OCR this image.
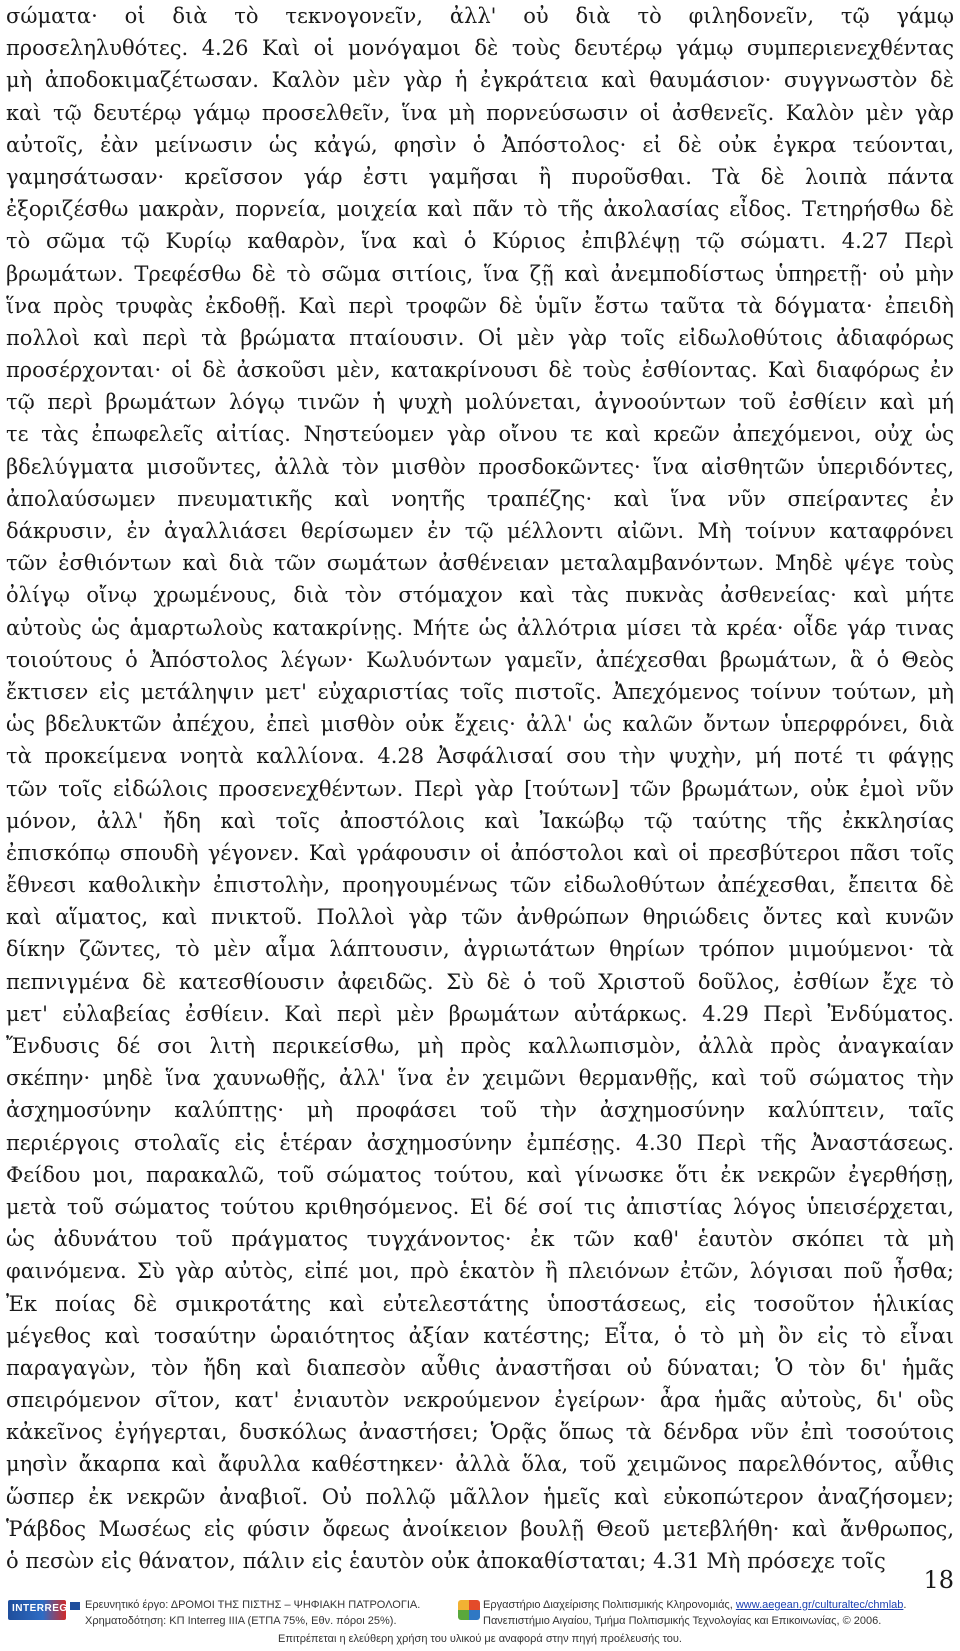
σώματα· οἱ διὰ τὸ τεκνογονεῖν, ἀλλ' οὐ διὰ τὸ φιληδονεῖν, τῷ γάμῳ
προσεληλυθότες. 4.26 Καὶ οἱ μονόγαμοι δὲ τοὺς δευτέρῳ γάμῳ συμπεριενεχθέντας
μὴ ἀποδοκιμαζέτωσαν. Καλὸν μὲν γὰρ ἡ ἐγκράτεια καὶ θαυμάσιον· συγγνωστὸν δὲ
καὶ τῷ δευτέρῳ γάμῳ προσελθεῖν, ἵνα μὴ πορνεύσωσιν οἱ ἀσθενεῖς. Καλὸν μὲν γὰρ
αὐτοῖς, ἐὰν μείνωσιν ὡς κἀγώ, φησὶν ὁ Ἀπόστολος· εἰ δὲ οὐκ ἐγκρα τεύονται,
γαμησάτωσαν· κρεῖσσον γάρ ἐστι γαμῆσαι ἢ πυροῦσθαι. Τὰ δὲ λοιπὰ πάντα
ἐξοριζέσθω μακρὰν, πορνεία, μοιχεία καὶ πᾶν τὸ τῆς ἀκολασίας εἶδος. Τετηρήσθω δὲ
τὸ σῶμα τῷ Κυρίῳ καθαρὸν, ἵνα καὶ ὁ Κύριος ἐπιβλέψῃ τῷ σώματι. 4.27 Περὶ
βρωμάτων. Τρεφέσθω δὲ τὸ σῶμα σιτίοις, ἵνα ζῇ καὶ ἀνεμποδίστως ὑπηρετῇ· οὐ μὴν
ἵνα πρὸς τρυφὰς ἐκδοθῇ. Καὶ περὶ τροφῶν δὲ ὑμῖν ἔστω ταῦτα τὰ δόγματα· ἐπειδὴ
πολλοὶ καὶ περὶ τὰ βρώματα πταίουσιν. Οἱ μὲν γὰρ τοῖς εἰδωλοθύτοις ἀδιαφόρως
προσέρχονται· οἱ δὲ ἀσκοῦσι μὲν, κατακρίνουσι δὲ τοὺς ἐσθίοντας. Καὶ διαφόρως ἐν
τῷ περὶ βρωμάτων λόγῳ τινῶν ἡ ψυχὴ μολύνεται, ἀγνοούντων τοῦ ἐσθίειν καὶ μή
τε τὰς ἐπωφελεῖς αἰτίας. Νηστεύομεν γὰρ οἴνου τε καὶ κρεῶν ἀπεχόμενοι, οὐχ ὡς
βδελύγματα μισοῦντες, ἀλλὰ τὸν μισθὸν προσδοκῶντες· ἵνα αἰσθητῶν ὑπεριδόντες,
ἀπολαύσωμεν πνευματικῆς καὶ νοητῆς τραπέζης· καὶ ἵνα νῦν σπείραντες ἐν
δάκρυσιν, ἐν ἀγαλλιάσει θερίσωμεν ἐν τῷ μέλλοντι αἰῶνι. Μὴ τοίνυν καταφρόνει
τῶν ἐσθιόντων καὶ διὰ τῶν σωμάτων ἀσθένειαν μεταλαμβανόντων. Μηδὲ ψέγε τοὺς
ὀλίγῳ οἴνῳ χρωμένους, διὰ τὸν στόμαχον καὶ τὰς πυκνὰς ἀσθενείας· καὶ μήτε
αὐτοὺς ὡς ἁμαρτωλοὺς κατακρίνῃς. Μήτε ὡς ἀλλότρια μίσει τὰ κρέα· οἶδε γάρ τινας
τοιούτους ὁ Ἀπόστολος λέγων· Κωλυόντων γαμεῖν, ἀπέχεσθαι βρωμάτων, ἃ ὁ Θεὸς
ἔκτισεν εἰς μετάληψιν μετ' εὐχαριστίας τοῖς πιστοῖς. Ἀπεχόμενος τοίνυν τούτων, μὴ
ὡς βδελυκτῶν ἀπέχου, ἐπεὶ μισθὸν οὐκ ἔχεις· ἀλλ' ὡς καλῶν ὄντων ὑπερφρόνει, διὰ
τὰ προκείμενα νοητὰ καλλίονα. 4.28 Ἀσφάλισαί σου τὴν ψυχὴν, μή ποτέ τι φάγῃς
τῶν τοῖς εἰδώλοις προσενεχθέντων. Περὶ γὰρ [τούτων] τῶν βρωμάτων, οὐκ ἐμοὶ νῦν
μόνον, ἀλλ' ἤδη καὶ τοῖς ἀποστόλοις καὶ Ἰακώβῳ τῷ ταύτης τῆς ἐκκλησίας
ἐπισκόπῳ σπουδὴ γέγονεν. Καὶ γράφουσιν οἱ ἀπόστολοι καὶ οἱ πρεσβύτεροι πᾶσι τοῖς
ἔθνεσι καθολικὴν ἐπιστολὴν, προηγουμένως τῶν εἰδωλοθύτων ἀπέχεσθαι, ἔπειτα δὲ
καὶ αἵματος, καὶ πνικτοῦ. Πολλοὶ γὰρ τῶν ἀνθρώπων θηριώδεις ὄντες καὶ κυνῶν
δίκην ζῶντες, τὸ μὲν αἷμα λάπτουσιν, ἀγριωτάτων θηρίων τρόπον μιμούμενοι· τὰ
πεπνιγμένα δὲ κατεσθίουσιν ἀφειδῶς. Σὺ δὲ ὁ τοῦ Χριστοῦ δοῦλος, ἐσθίων ἔχε τὸ
μετ' εὐλαβείας ἐσθίειν. Καὶ περὶ μὲν βρωμάτων αὐτάρκως. 4.29 Περὶ Ἐνδύματος.
Ἔνδυσις δέ σοι λιτὴ περικείσθω, μὴ πρὸς καλλωπισμὸν, ἀλλὰ πρὸς ἀναγκαίαν
σκέπην· μηδὲ ἵνα χαυνωθῇς, ἀλλ' ἵνα ἐν χειμῶνι θερμανθῇς, καὶ τοῦ σώματος τὴν
ἀσχημοσύνην καλύπτῃς· μὴ προφάσει τοῦ τὴν ἀσχημοσύνην καλύπτειν, ταῖς
περιέργοις στολαῖς εἰς ἑτέραν ἀσχημοσύνην ἐμπέσῃς. 4.30 Περὶ τῆς Ἀναστάσεως.
Φείδου μοι, παρακαλῶ, τοῦ σώματος τούτου, καὶ γίνωσκε ὅτι ἐκ νεκρῶν ἐγερθήσῃ,
μετὰ τοῦ σώματος τούτου κριθησόμενος. Εἰ δέ σοί τις ἀπιστίας λόγος ὑπεισέρχεται,
ὡς ἀδυνάτου τοῦ πράγματος τυγχάνοντος· ἐκ τῶν καθ' ἑαυτὸν σκόπει τὰ μὴ
φαινόμενα. Σὺ γὰρ αὐτὸς, εἰπέ μοι, πρὸ ἑκατὸν ἢ πλειόνων ἐτῶν, λόγισαι ποῦ ἦσθα;
Ἐκ ποίας δὲ σμικροτάτης καὶ εὐτελεστάτης ὑποστάσεως, εἰς τοσοῦτον ἡλικίας
μέγεθος καὶ τοσαύτην ὡραιότητος ἀξίαν κατέστης; Εἶτα, ὁ τὸ μὴ ὂν εἰς τὸ εἶναι
παραγαγὼν, τὸν ἤδη καὶ διαπεσὸν αὖθις ἀναστῆσαι οὐ δύναται; Ὁ τὸν δι' ἡμᾶς
σπειρόμενον σῖτον, κατ' ἐνιαυτὸν νεκρούμενον ἐγείρων· ἆρα ἡμᾶς αὐτοὺς, δι' οὓς
κἀκεῖνος ἐγήγερται, δυσκόλως ἀναστήσει; Ὁρᾷς ὅπως τὰ δένδρα νῦν ἐπὶ τοσούτοις
μησὶν ἄκαρπα καὶ ἄφυλλα καθέστηκεν· ἀλλὰ ὅλα, τοῦ χειμῶνος παρελθόντος, αὖθις
ὥσπερ ἐκ νεκρῶν ἀναβιοῖ. Οὐ πολλῷ μᾶλλον ἡμεῖς καὶ εὐκοπώτερον ἀναζήσομεν;
Ῥάβδος Μωσέως εἰς φύσιν ὄφεως ἀνοίκειον βουλῇ Θεοῦ μετεβλήθη· καὶ ἄνθρωπος,
ὁ πεσὼν εἰς θάνατον, πάλιν εἰς ἑαυτὸν οὐκ ἀποκαθίσταται; 4.31 Μὴ πρόσεχε τοῖς
18
INTERREG Ερευνητικό έργο: ΔΡΟΜΟΙ ΤΗΣ ΠΙΣΤΗΣ – ΨΗΦΙΑΚΗ ΠΑΤΡΟΛΟΓΙΑ.
Χρηματοδότηση: ΚΠ Interreg IIIA (ΕΤΠΑ 75%, Εθν. πόροι 25%).
Εργαστήριο Διαχείρισης Πολιτισμικής Κληρονομιάς, www.aegean.gr/culturaltec/chmlab.
Πανεπιστήμιο Αιγαίου, Τμήμα Πολιτισμικής Τεχνολογίας και Επικοινωνίας, © 2006.
Επιτρέπεται η ελεύθερη χρήση του υλικού με αναφορά στην πηγή προέλευσής του.
